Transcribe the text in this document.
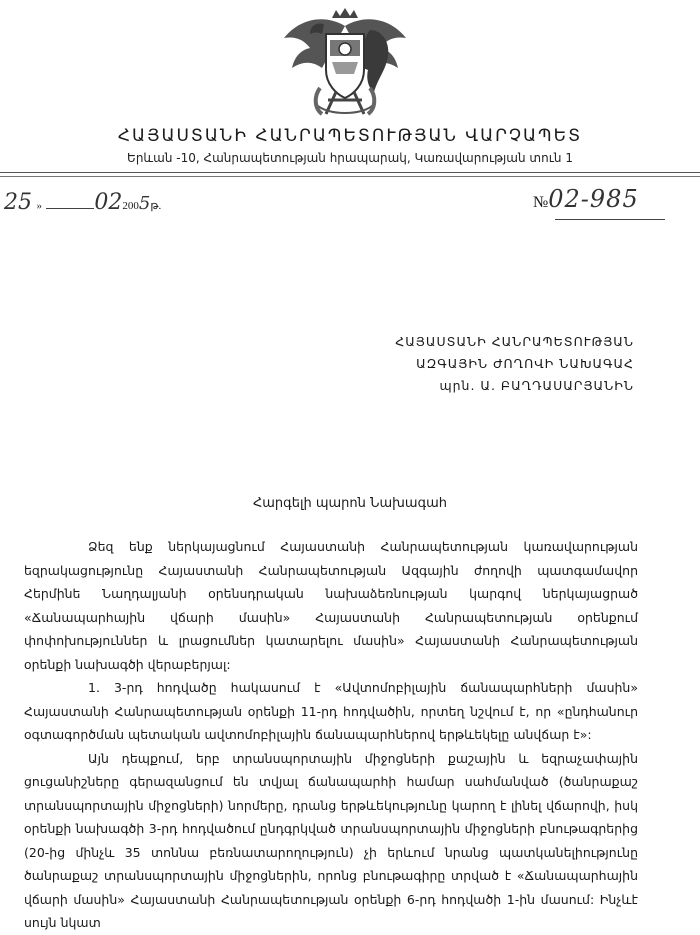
ՀԱՅԱՍՏԱՆԻ ՀԱՆՐԱՊԵՏՈՒԹՅԱՆ ՎԱՐՉԱՊԵՏ
Երևան -10, Հանրապետության հրապարակ, Կառավարության տուն 1
25 » 022005թ.	№02-985
ՀԱՅԱՍՏԱՆԻ ՀԱՆՐԱՊԵՏՈՒԹՅԱՆ
ԱԶԳԱՅԻՆ ԺՈՂՈՎԻ ՆԱԽԱԳԱՀ
պրն. Ա. ԲԱՂԴԱՍԱՐՅԱՆԻՆ
Հարգելի պարոն Նախագահ

Ձեզ ենք ներկայացնում Հայաստանի Հանրապետության կառավարության եզրակացությունը Հայաստանի Հանրապետության Ազգային ժողովի պատգամավոր Հերմինե Նաղդալյանի օրենսդրական նախաձեռնության կարգով ներկայացրած «Ճանապարհային վճարի մասին» Հայաստանի Հանրապետության օրենքում փոփոխություններ և լրացումներ կատարելու մասին» Հայաստանի Հանրապետության օրենքի նախագծի վերաբերյալ:

1. 3-րդ հոդվածը հակասում է «Ավտոմոբիլային ճանապարհների մասին» Հայաստանի Հանրապետության օրենքի 11-րդ հոդվածին, որտեղ նշվում է, որ «ընդհանուր օգտագործման պետական ավտոմոբիլային ճանապարհներով երթևեկելը անվճար է»:

Այն դեպքում, երբ տրանսպորտային միջոցների քաշային և եզրաչափային ցուցանիշները գերազանցում են տվյալ ճանապարհի համար սահմանված (ծանրաքաշ տրանսպորտային միջոցների) նորմերը, դրանց երթևեկությունը կարող է լինել վճարովի, իսկ օրենքի նախագծի 3-րդ հոդվածում ընդգրկված տրանսպորտային միջոցների բնութագրերից (20-ից մինչև 35 տոննա բեռնատարողություն) չի երևում նրանց պատկանելիությունը ծանրաքաշ տրանսպորտային միջոցներին, որոնց բնութագիրը տրված է «Ճանապարհային վճարի մասին» Հայաստանի Հանրապետության օրենքի 6-րդ հոդվածի 1-ին մասում: Ինչևէ սույն նկատ
